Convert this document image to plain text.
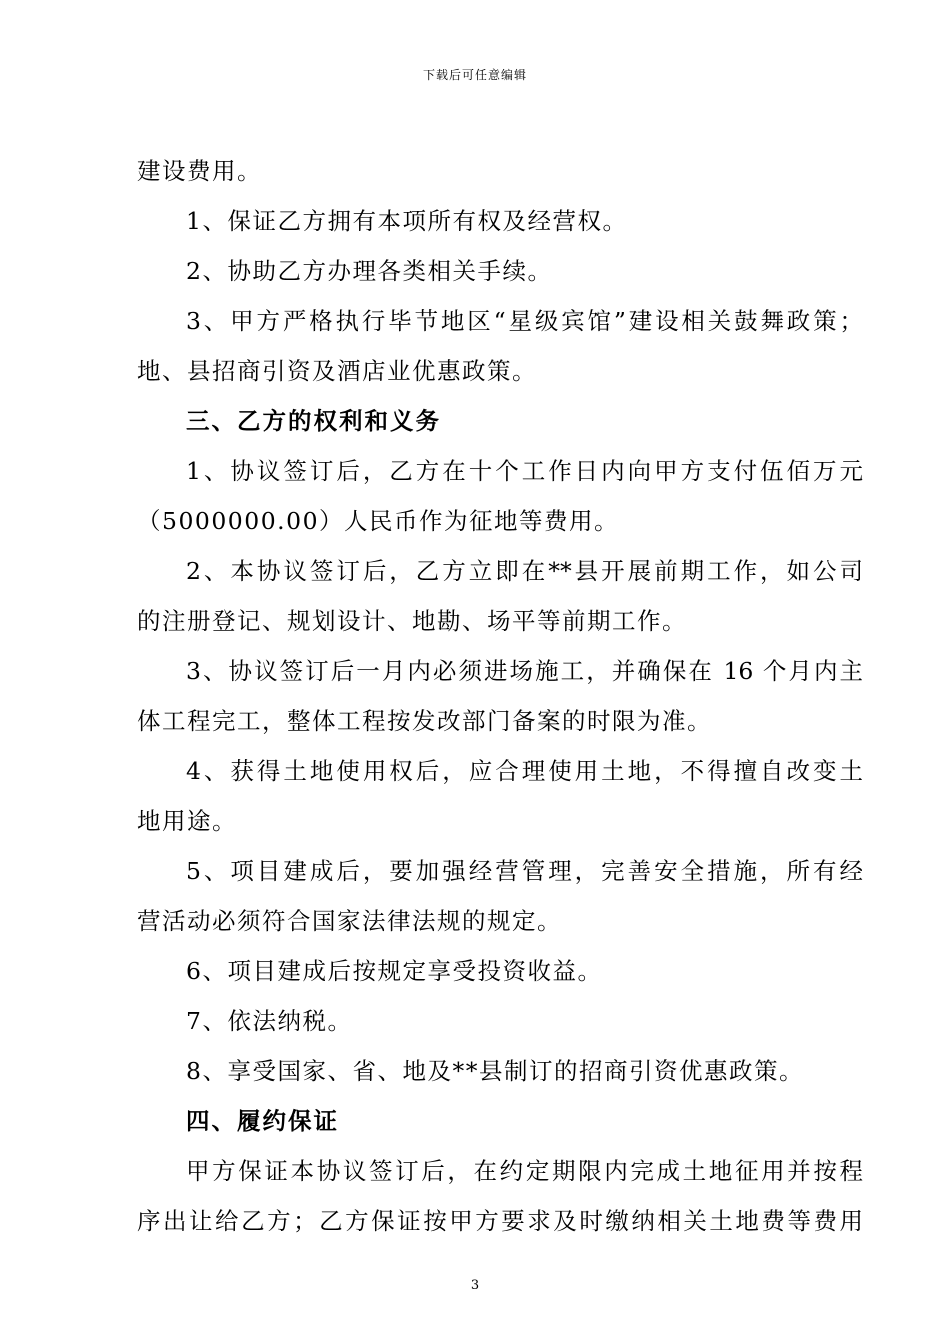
下载后可任意编辑
建设费用。
1、保证乙方拥有本项所有权及经营权。
2、协助乙方办理各类相关手续。
3、甲方严格执行毕节地区“星级宾馆”建设相关鼓舞政策；
地、县招商引资及酒店业优惠政策。
三、乙方的权利和义务
1、协议签订后，乙方在十个工作日内向甲方支付伍佰万元
（5000000.00）人民币作为征地等费用。
2、本协议签订后，乙方立即在**县开展前期工作，如公司
的注册登记、规划设计、地勘、场平等前期工作。
3、协议签订后一月内必须进场施工，并确保在 16 个月内主
体工程完工，整体工程按发改部门备案的时限为准。
4、获得土地使用权后，应合理使用土地，不得擅自改变土
地用途。
5、项目建成后，要加强经营管理，完善安全措施，所有经
营活动必须符合国家法律法规的规定。
6、项目建成后按规定享受投资收益。
7、依法纳税。
8、享受国家、省、地及**县制订的招商引资优惠政策。
四、履约保证
甲方保证本协议签订后，在约定期限内完成土地征用并按程
序出让给乙方；乙方保证按甲方要求及时缴纳相关土地费等费用
3
